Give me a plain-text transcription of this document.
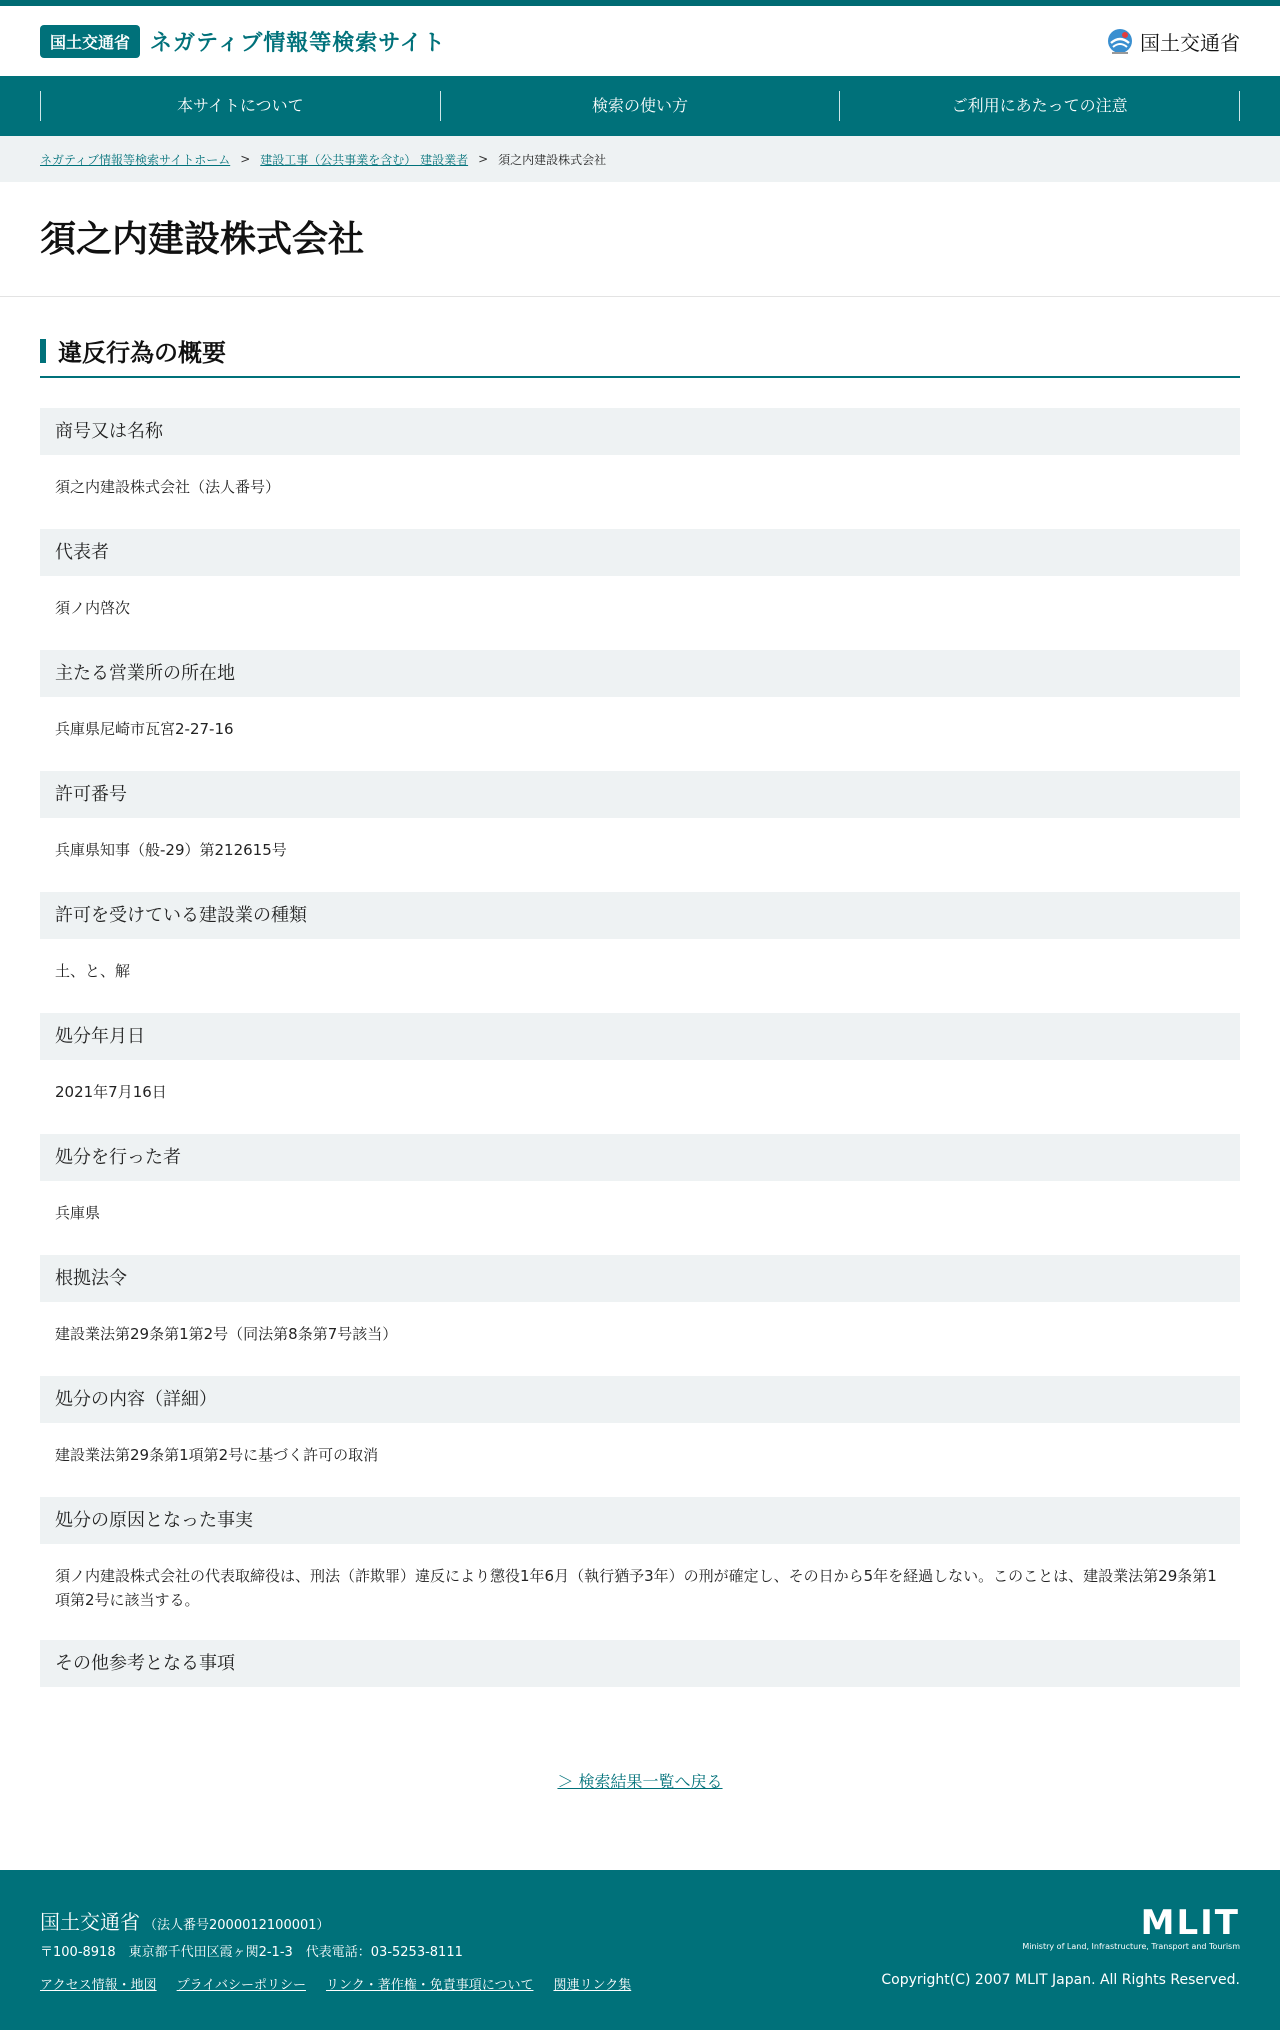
国土交通省 ネガティブ情報等検索サイト	国土交通省
本サイトについて	検索の使い方	ご利用にあたっての注意
ネガティブ情報等検索サイトホーム > 建設工事（公共事業を含む） 建設業者 > 須之内建設株式会社
須之内建設株式会社
違反行為の概要
商号又は名称
須之内建設株式会社（法人番号）
代表者
須ノ内啓次
主たる営業所の所在地
兵庫県尼崎市瓦宮2-27-16
許可番号
兵庫県知事（般-29）第212615号
許可を受けている建設業の種類
土、と、解
処分年月日
2021年7月16日
処分を行った者
兵庫県
根拠法令
建設業法第29条第1第2号（同法第8条第7号該当）
処分の内容（詳細）
建設業法第29条第1項第2号に基づく許可の取消
処分の原因となった事実
須ノ内建設株式会社の代表取締役は、刑法（詐欺罪）違反により懲役1年6月（執行猶予3年）の刑が確定し、その日から5年を経過しない。このことは、建設業法第29条第1項第2号に該当する。
その他参考となる事項
＞ 検索結果一覧へ戻る
国土交通省 （法人番号2000012100001）
〒100-8918　東京都千代田区霞ヶ関2-1-3　代表電話：03-5253-8111
アクセス情報・地図 プライバシーポリシー リンク・著作権・免責事項について 関連リンク集
MLIT
Ministry of Land, Infrastructure, Transport and Tourism
Copyright(C) 2007 MLIT Japan. All Rights Reserved.
